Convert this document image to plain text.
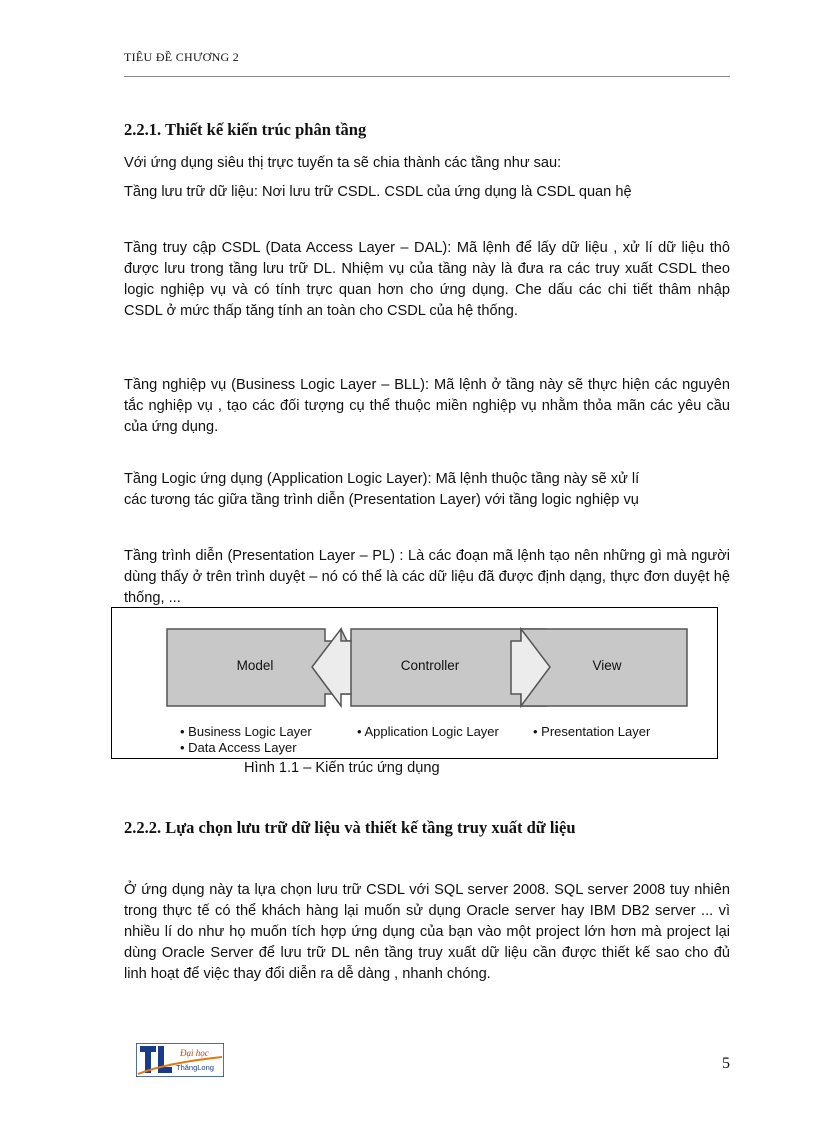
TIÊU ĐỀ CHƯƠNG 2
2.2.1. Thiết kế kiến trúc phân tầng
Với ứng dụng siêu thị trực tuyến ta sẽ chia thành các tầng như sau:
Tầng lưu trữ dữ liệu: Nơi lưu trữ CSDL. CSDL của ứng dụng là CSDL quan hệ
Tầng truy cập CSDL (Data Access Layer – DAL): Mã lệnh để lấy dữ liệu , xử lí dữ liệu thô được lưu trong tầng lưu trữ DL. Nhiệm vụ của tầng này là đưa ra các truy xuất CSDL theo logic nghiệp vụ và có tính trực quan hơn cho ứng dụng. Che dấu các chi tiết thâm nhập CSDL ở mức thấp tăng tính an toàn cho CSDL của hệ thống.
Tầng nghiệp vụ (Business Logic Layer – BLL): Mã lệnh ở tầng này sẽ thực hiện các nguyên tắc nghiệp vụ , tạo các đối tượng cụ thể thuộc miền nghiệp vụ nhằm thỏa mãn các yêu cầu của ứng dụng.
Tầng Logic ứng dụng (Application Logic Layer): Mã lệnh thuộc tầng này sẽ xử lí
các tương tác giữa tầng trình diễn (Presentation Layer) với tầng logic nghiệp vụ
Tầng trình diễn (Presentation Layer – PL) : Là các đoạn mã lệnh tạo nên những gì mà người dùng thấy ở trên trình duyệt – nó có thể là các dữ liệu đã được định dạng, thực đơn duyệt hệ thống, ...
Model	Controller	View
• Business Logic Layer
• Data Access Layer
• Application Logic Layer	• Presentation Layer
Hình 1.1 – Kiến trúc ứng dụng
2.2.2. Lựa chọn lưu trữ dữ liệu và thiết kế tầng truy xuất dữ liệu
Ở ứng dụng này ta lựa chọn lưu trữ CSDL với SQL server 2008. SQL server 2008 tuy nhiên trong thực tế có thể khách hàng lại muốn sử dụng Oracle server hay IBM DB2 server ... vì nhiều lí do như họ muốn tích hợp ứng dụng của bạn vào một project lớn hơn mà project lại dùng Oracle Server để lưu trữ DL nên tầng truy xuất dữ liệu cần được thiết kế sao cho đủ linh hoạt để việc thay đổi diễn ra dễ dàng , nhanh chóng.
Đại học
ThăngLong	5
